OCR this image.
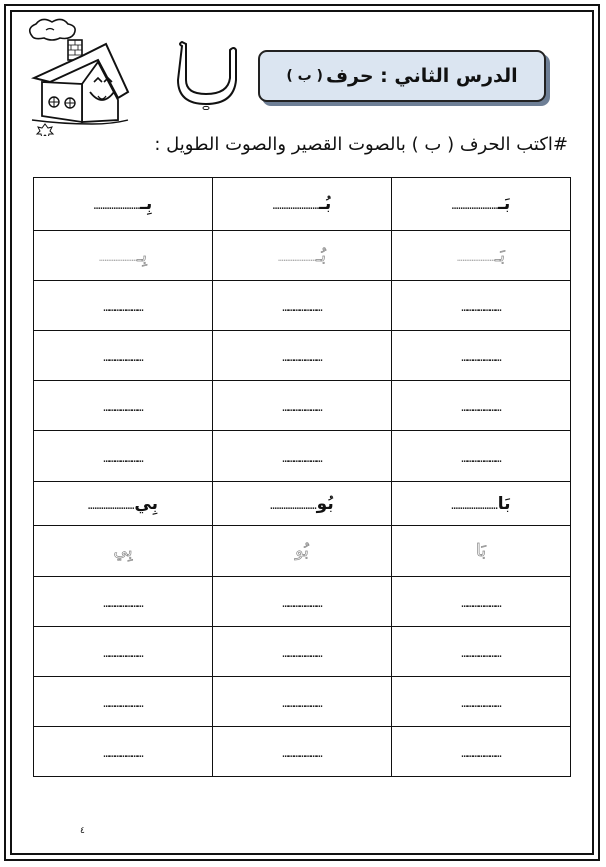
ب
الدرس الثاني : حرف
( ب )
#اكتب الحرف ( ب ) بالصوت القصير والصوت الطويل :
…………………بِـ	…………………بُـ	…………………بَـ
…………………بِـ	…………………بُـ	…………………بَـ
…………………	…………………	…………………
…………………	…………………	…………………
…………………	…………………	…………………
…………………	…………………	…………………
…………………بِي	…………………بُو	…………………بَا
بِي	بُو	بَا
…………………	…………………	…………………
…………………	…………………	…………………
…………………	…………………	…………………
…………………	…………………	…………………
٤
